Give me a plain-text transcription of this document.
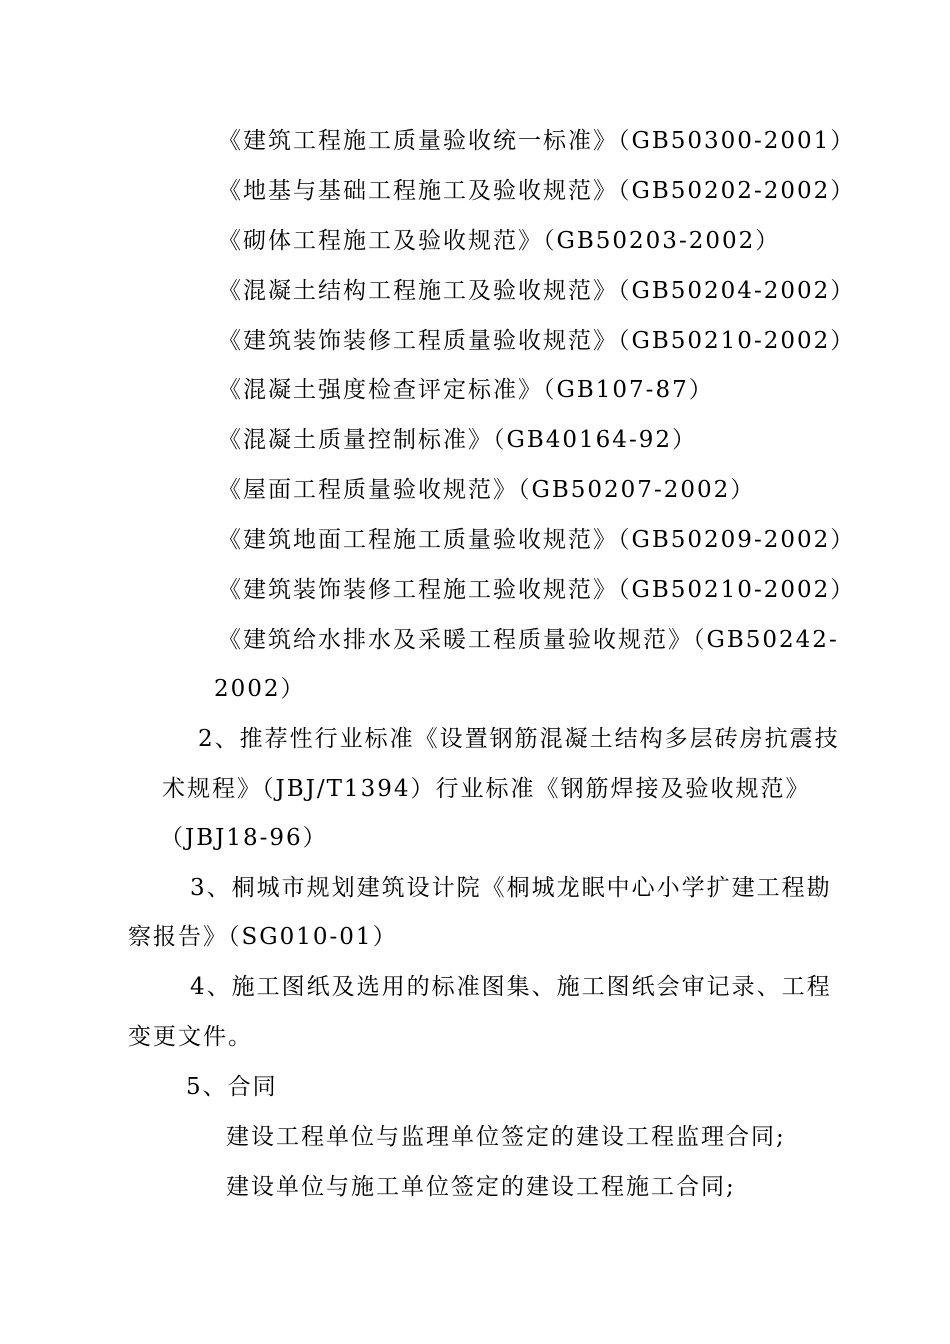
《建筑工程施工质量验收统一标准》（GB50300-2001）
《地基与基础工程施工及验收规范》（GB50202-2002）
《砌体工程施工及验收规范》（GB50203-2002）
《混凝土结构工程施工及验收规范》（GB50204-2002）
《建筑装饰装修工程质量验收规范》（GB50210-2002）
《混凝土强度检查评定标准》（GB107-87）
《混凝土质量控制标准》（GB40164-92）
《屋面工程质量验收规范》（GB50207-2002）
《建筑地面工程施工质量验收规范》（GB50209-2002）
《建筑装饰装修工程施工验收规范》（GB50210-2002）
《建筑给水排水及采暖工程质量验收规范》（GB50242-
2002）
2、推荐性行业标准《设置钢筋混凝土结构多层砖房抗震技
术规程》（JBJ/T1394）行业标准《钢筋焊接及验收规范》
（JBJ18-96）
3、桐城市规划建筑设计院《桐城龙眠中心小学扩建工程勘
察报告》（SG010-01）
4、施工图纸及选用的标准图集、施工图纸会审记录、工程
变更文件。
5、合同
建设工程单位与监理单位签定的建设工程监理合同;
建设单位与施工单位签定的建设工程施工合同;
